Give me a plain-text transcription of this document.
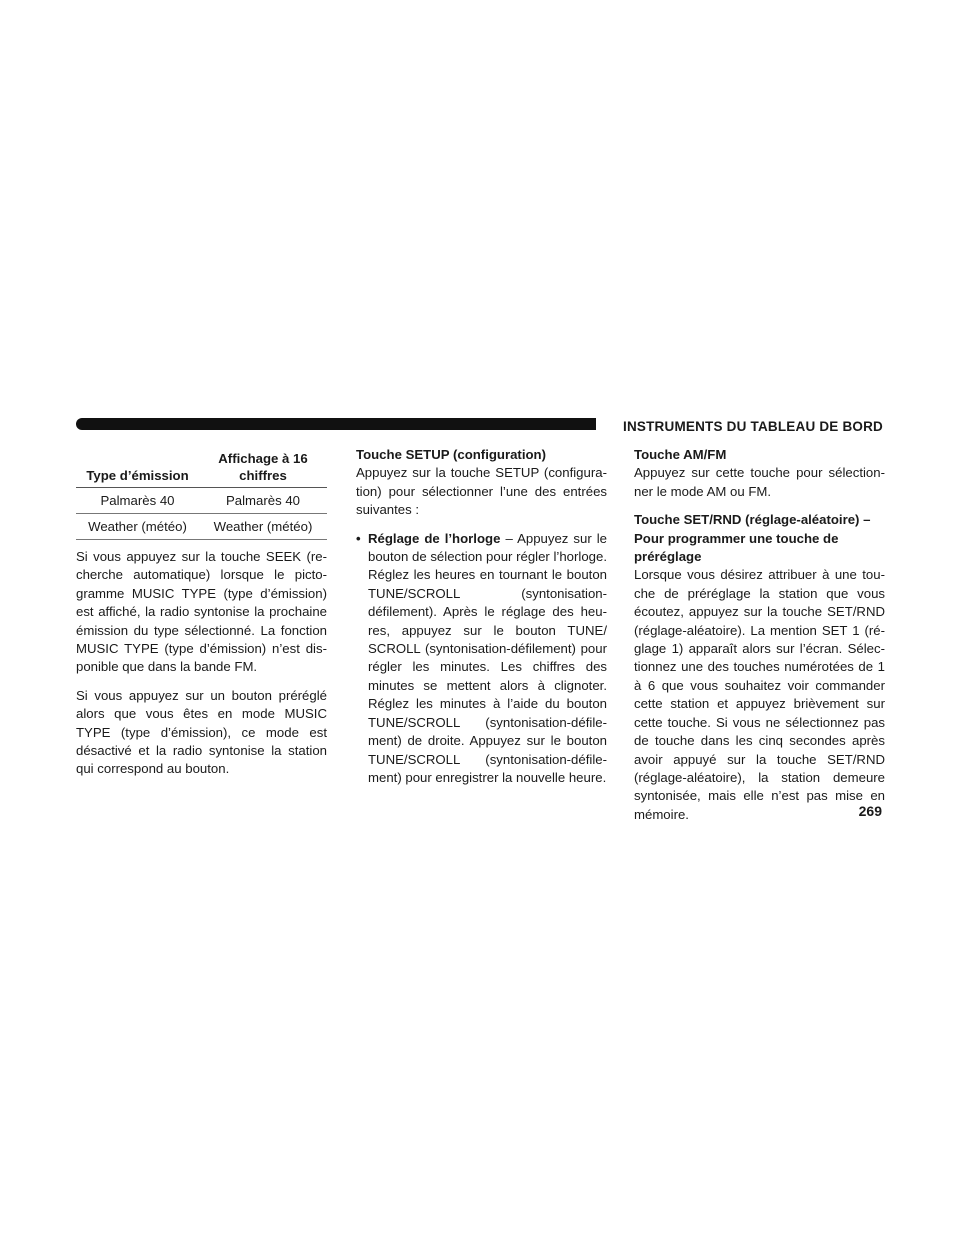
INSTRUMENTS DU TABLEAU DE BORD
Type d’émission	Affichage à 16 chiffres
Palmarès 40	Palmarès 40
Weather (météo)	Weather (météo)

Si vous appuyez sur la touche SEEK (recherche automatique) lorsque le pictogramme MUSIC TYPE (type d’émission) est affiché, la radio syntonise la prochaine émission du type sélectionné. La fonction MUSIC TYPE (type d’émission) n’est disponible que dans la bande FM.

Si vous appuyez sur un bouton préréglé alors que vous êtes en mode MUSIC TYPE (type d’émission), ce mode est désactivé et la radio syntonise la station qui correspond au bouton.

Touche SETUP (configuration)

Appuyez sur la touche SETUP (configuration) pour sélectionner l’une des entrées suivantes :

• Réglage de l’horloge – Appuyez sur le bouton de sélection pour régler l’horloge. Réglez les heures en tournant le bouton TUNE/SCROLL (syntonisation-défilement). Après le réglage des heures, appuyez sur le bouton TUNE/ SCROLL (syntonisation-défilement) pour régler les minutes. Les chiffres des minutes se mettent alors à clignoter. Réglez les minutes à l’aide du bouton TUNE/SCROLL (syntonisation-défilement) de droite. Appuyez sur le bouton TUNE/SCROLL (syntonisation-défilement) pour enregistrer la nouvelle heure.
Touche AM/FM

Appuyez sur cette touche pour sélectionner le mode AM ou FM.

Touche SET/RND (réglage-aléatoire) – Pour programmer une touche de préréglage

Lorsque vous désirez attribuer à une touche de préréglage la station que vous écoutez, appuyez sur la touche SET/RND (réglage-aléatoire). La mention SET 1 (réglage 1) apparaît alors sur l’écran. Sélectionnez une des touches numérotées de 1 à 6 que vous souhaitez voir commander cette station et appuyez brièvement sur cette touche. Si vous ne sélectionnez pas de touche dans les cinq secondes après avoir appuyé sur la touche SET/RND (réglage-aléatoire), la station demeure syntonisée, mais elle n’est pas mise en mémoire.	269
